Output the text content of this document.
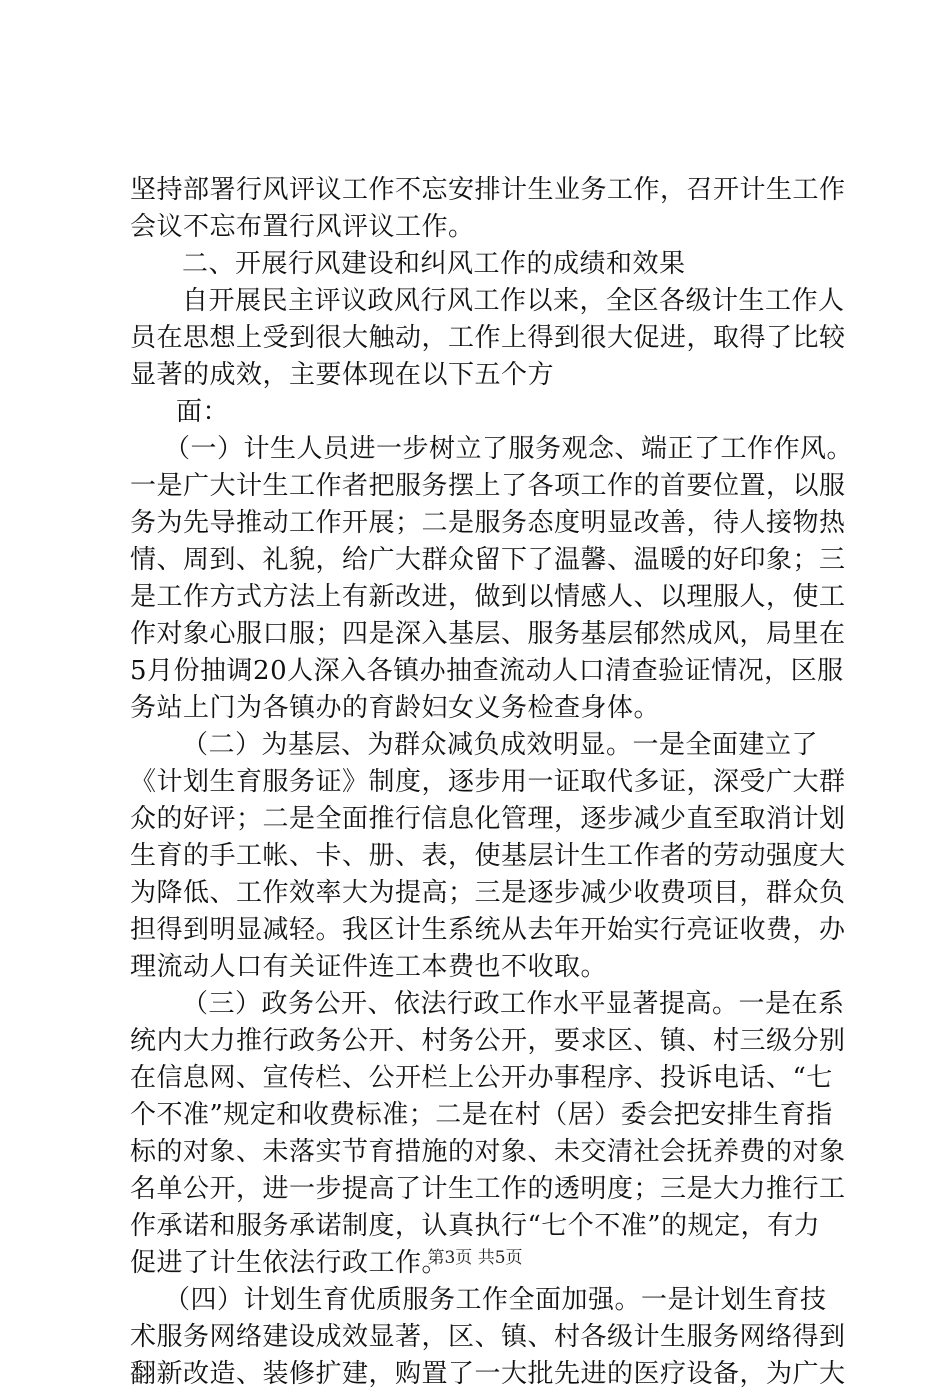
坚持部署行风评议工作不忘安排计生业务工作，召开计生工作
会议不忘布置行风评议工作。
二、开展行风建设和纠风工作的成绩和效果
自开展民主评议政风行风工作以来，全区各级计生工作人
员在思想上受到很大触动，工作上得到很大促进，取得了比较
显著的成效，主要体现在以下五个方
面：
（一）计生人员进一步树立了服务观念、端正了工作作风。
一是广大计生工作者把服务摆上了各项工作的首要位置，以服
务为先导推动工作开展；二是服务态度明显改善，待人接物热
情、周到、礼貌，给广大群众留下了温馨、温暖的好印象；三
是工作方式方法上有新改进，做到以情感人、以理服人，使工
作对象心服口服；四是深入基层、服务基层郁然成风，局里在
5月份抽调20人深入各镇办抽查流动人口清查验证情况，区服
务站上门为各镇办的育龄妇女义务检查身体。
（二）为基层、为群众减负成效明显。一是全面建立了
《计划生育服务证》制度，逐步用一证取代多证，深受广大群
众的好评；二是全面推行信息化管理，逐步减少直至取消计划
生育的手工帐、卡、册、表，使基层计生工作者的劳动强度大
为降低、工作效率大为提高；三是逐步减少收费项目，群众负
担得到明显减轻。我区计生系统从去年开始实行亮证收费，办
理流动人口有关证件连工本费也不收取。
（三）政务公开、依法行政工作水平显著提高。一是在系
统内大力推行政务公开、村务公开，要求区、镇、村三级分别
在信息网、宣传栏、公开栏上公开办事程序、投诉电话、“七
个不准”规定和收费标准；二是在村（居）委会把安排生育指
标的对象、未落实节育措施的对象、未交清社会抚养费的对象
名单公开，进一步提高了计生工作的透明度；三是大力推行工
作承诺和服务承诺制度，认真执行“七个不准”的规定，有力
促进了计生依法行政工作。
（四）计划生育优质服务工作全面加强。一是计划生育技
术服务网络建设成效显著，区、镇、村各级计生服务网络得到
翻新改造、装修扩建，购置了一大批先进的医疗设备，为广大
第3页 共5页
